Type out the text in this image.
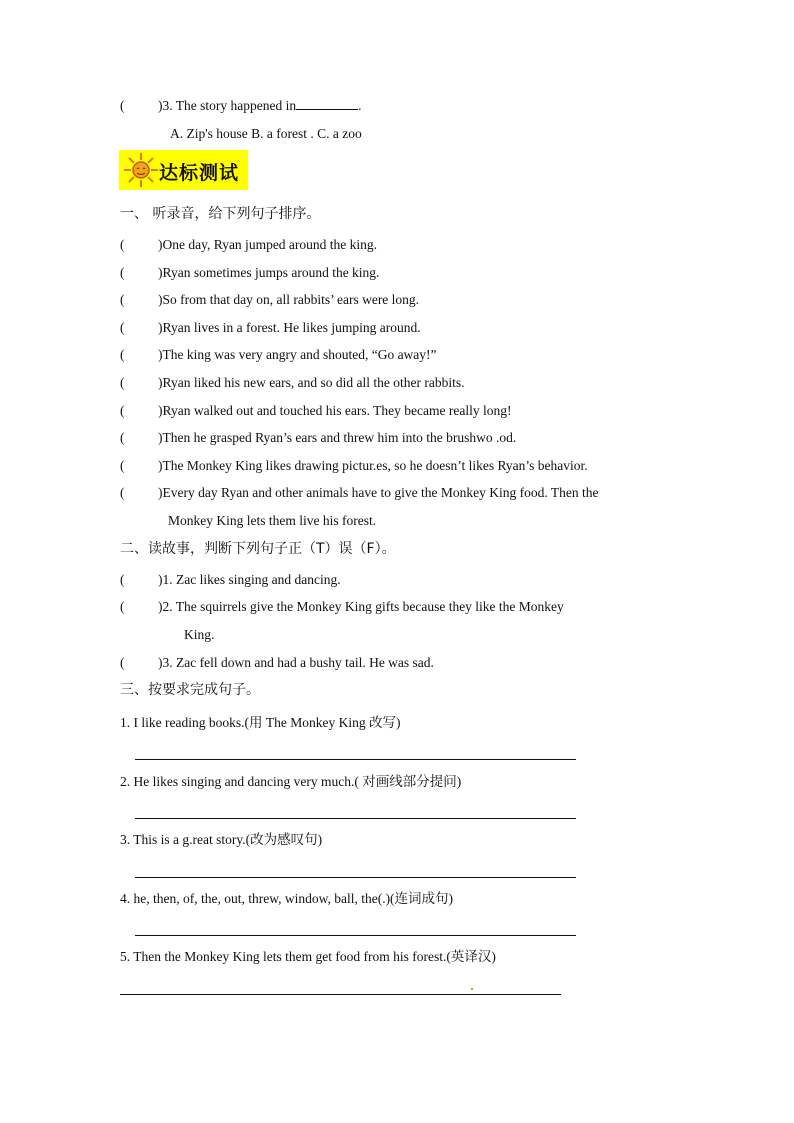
( )3. The story happened in	.
A. Zip's house B. a forest . C. a zoo
达标测试
一、 听录音，给下列句子排序。
( )One day, Ryan jumped around the king.
( )Ryan sometimes jumps around the king.
( )So from that day on, all rabbits’ ears were long.
( )Ryan lives in a forest. He likes jumping around.
( )The king was very angry and shouted, “Go away!”
( )Ryan liked his new ears, and so did all the other rabbits.
( )Ryan walked out and touched his ears. They became really long!
( )Then he grasped Ryan’s ears and threw him into the brushwo .od.
( )The Monkey King likes drawing pictur.es, so he doesn’t likes Ryan’s behavior.
( )Every day Ryan and other animals have to give the Monkey King food. Then the
Monkey King lets them live his forest.
二、读故事，判断下列句子正（T）误（F）。
( )1. Zac likes singing and dancing.
( )2. The squirrels give the Monkey King gifts because they like the Monkey
King.
( )3. Zac fell down and had a bushy tail. He was sad.
三、按要求完成句子。
1. I like reading books.(用 The Monkey King 改写)
2. He likes singing and dancing very much.( 对画线部分提问)
3. This is a g.reat story.(改为感叹句)
4. he, then, of, the, out, threw, window, ball, the(.)(连词成句)
5. Then the Monkey King lets them get food from his forest.(英译汉)
